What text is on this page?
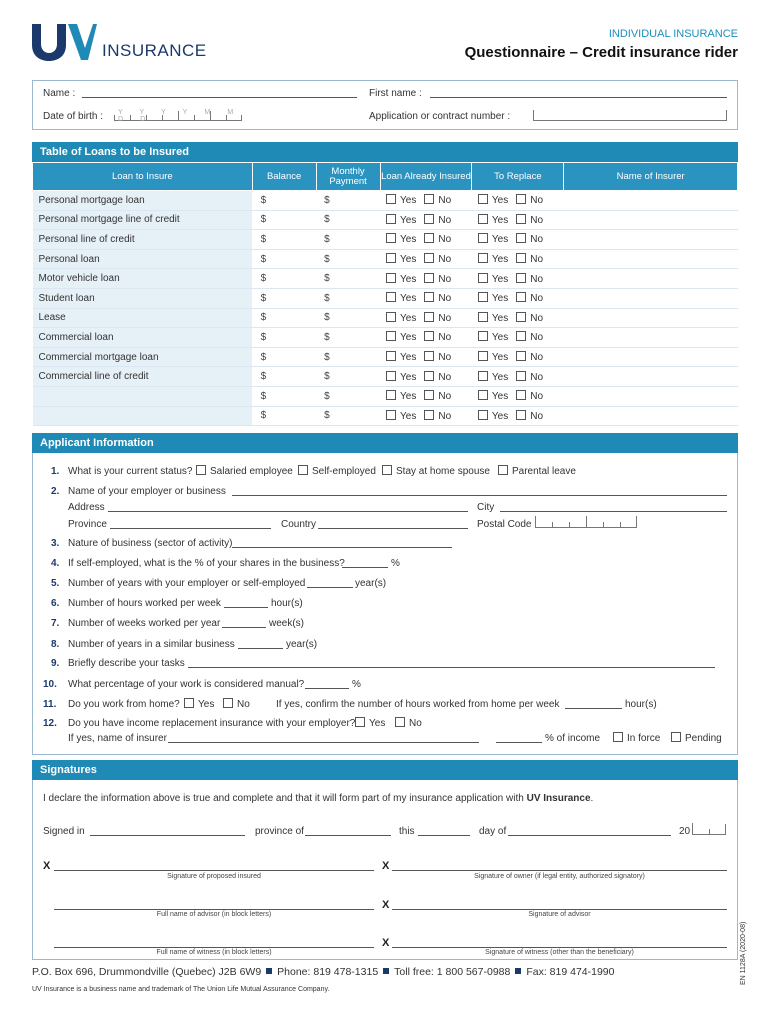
INSURANCE
INDIVIDUAL INSURANCE
Questionnaire – Credit insurance rider
Name :	First name :
Date of birth : Y Y Y Y M M D D	Application or contract number :
Table of Loans to be Insured
Loan to Insure	Balance	Monthly Payment	Loan Already Insured	To Replace	Name of Insurer
Personal mortgage loan	$	$	Yes No	Yes No	
Personal mortgage line of credit	$	$	Yes No	Yes No	
Personal line of credit	$	$	Yes No	Yes No	
Personal loan	$	$	Yes No	Yes No	
Motor vehicle loan	$	$	Yes No	Yes No	
Student loan	$	$	Yes No	Yes No	
Lease	$	$	Yes No	Yes No	
Commercial loan	$	$	Yes No	Yes No	
Commercial mortgage loan	$	$	Yes No	Yes No	
Commercial line of credit	$	$	Yes No	Yes No	
	$	$	Yes No	Yes No	
	$	$	Yes No	Yes No	
Applicant Information
1. What is your current status?	Salaried employee	Self-employed	Stay at home spouse	Parental leave
2. Name of your employer or business
Address	City
Province	Country	Postal Code
3. Nature of business (sector of activity)
4. If self-employed, what is the % of your shares in the business?	%
5. Number of years with your employer or self-employed	year(s)
6. Number of hours worked per week	hour(s)
7. Number of weeks worked per year	week(s)
8. Number of years in a similar business	year(s)
9. Briefly describe your tasks
10. What percentage of your work is considered manual?	%
11. Do you work from home?	Yes	No	If yes, confirm the number of hours worked from home per week	hour(s)
12. Do you have income replacement insurance with your employer?	Yes	No
If yes, name of insurer	% of income	In force	Pending
Signatures
I declare the information above is true and complete and that it will form part of my insurance application with UV Insurance.
Signed in	province of	this	day of	20
X
Signature of proposed insured
X
Signature of owner (if legal entity, authorized signatory)
Full name of advisor (in block letters)
X
Signature of advisor
Full name of witness (in block letters)
X
Signature of witness (other than the beneficiary)
P.O. Box 696, Drummondville (Quebec) J2B 6W9 Phone: 819 478-1315 Toll free: 1 800 567-0988 Fax: 819 474-1990
UV Insurance is a business name and trademark of The Union Life Mutual Assurance Company.
EN 1128A (2020-08)
